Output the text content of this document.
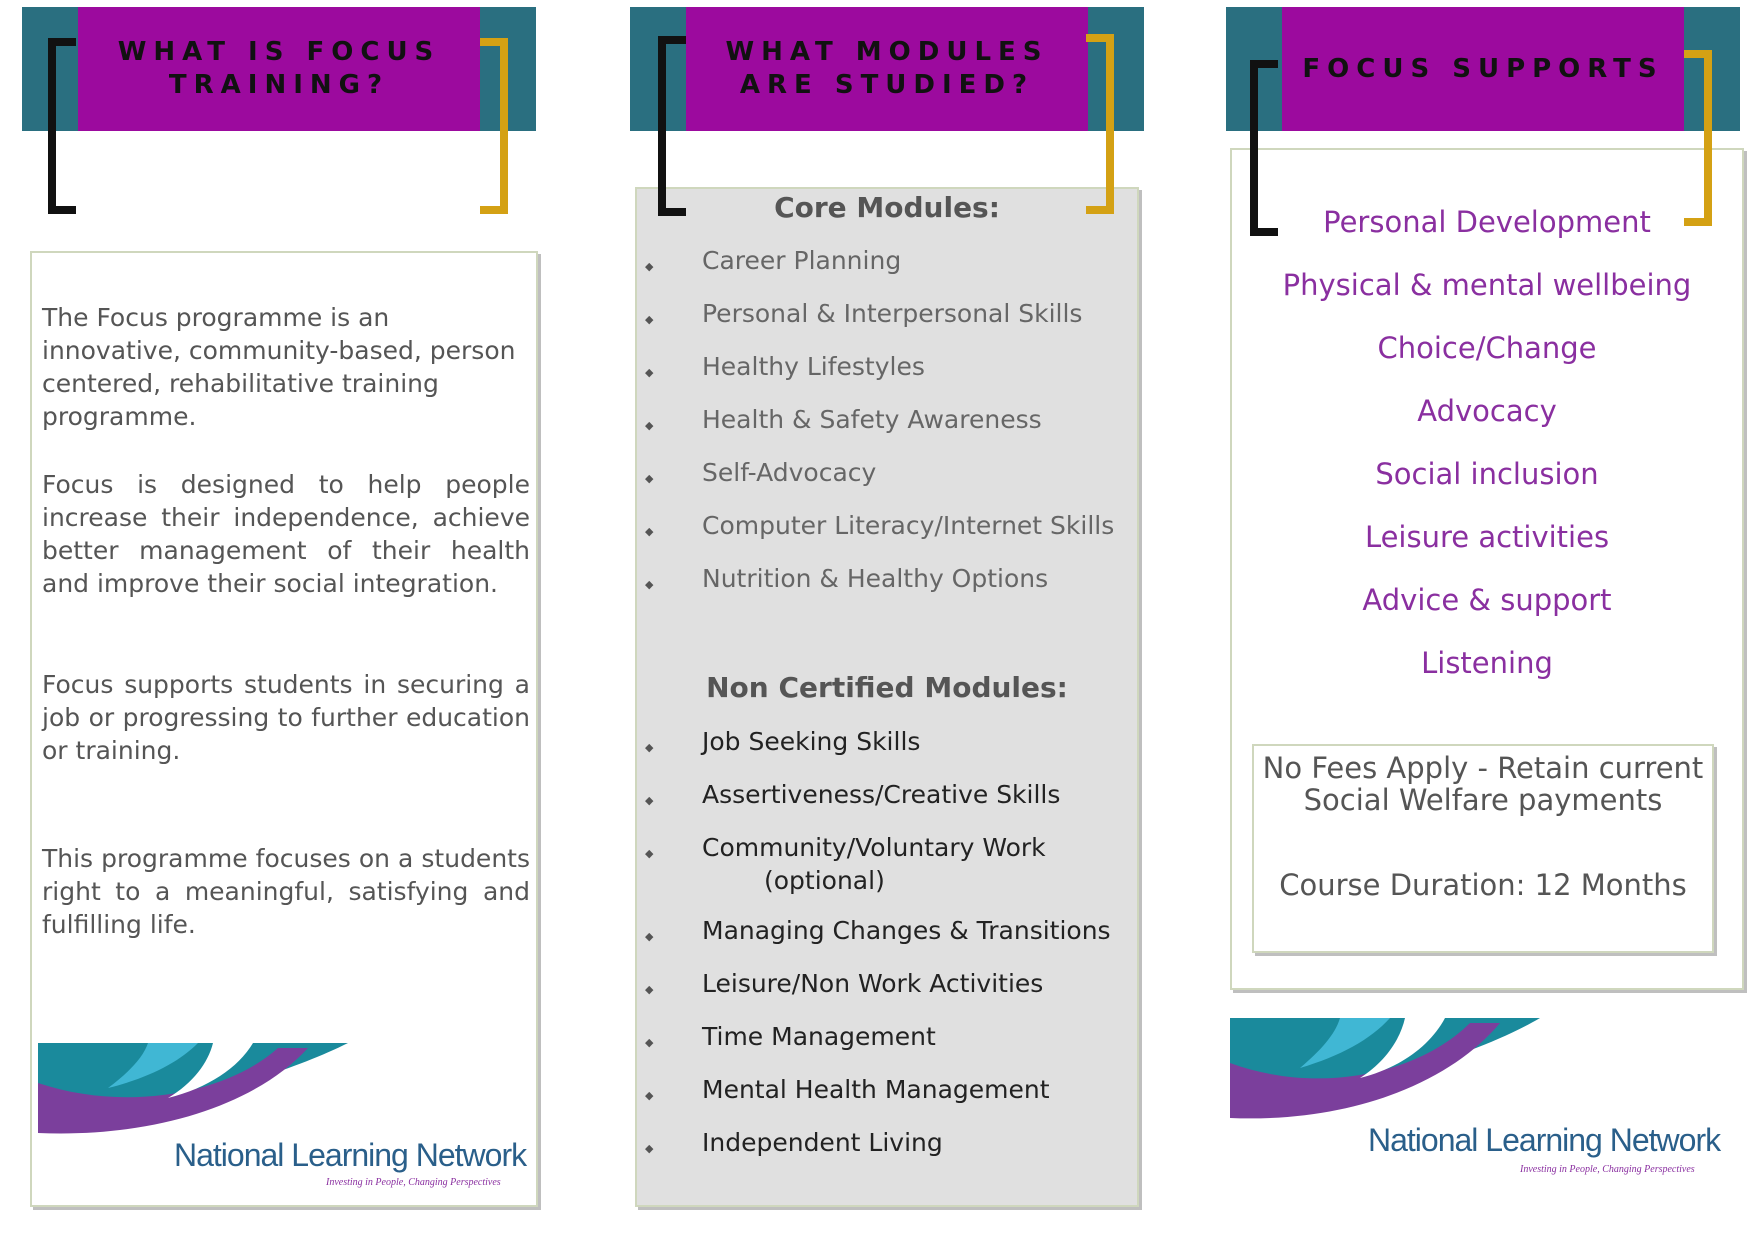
WHAT IS FOCUS
TRAINING?
The Focus programme is an innovative, community-based, person centered, rehabilitative training programme.
Focus is designed to help people increase their independence, achieve better management of their health and improve their social integration.
Focus supports students in securing a job or progressing to further education or training.
This programme focuses on a students right to a meaningful, satisfying and fulfilling life.
National Learning Network
Investing in People, Changing Perspectives
WHAT MODULES
ARE STUDIED?
Core Modules:
◆ Career Planning
◆ Personal & Interpersonal Skills
◆ Healthy Lifestyles
◆ Health & Safety Awareness
◆ Self-Advocacy
◆ Computer Literacy/Internet Skills
◆ Nutrition & Healthy Options
Non Certified Modules:
◆ Job Seeking Skills
◆ Assertiveness/Creative Skills
◆ Community/Voluntary Work
(optional)
◆ Managing Changes & Transitions
◆ Leisure/Non Work Activities
◆ Time Management
◆ Mental Health Management
◆ Independent Living
FOCUS SUPPORTS
Personal Development
Physical & mental wellbeing
Choice/Change
Advocacy
Social inclusion
Leisure activities
Advice & support
Listening
No Fees Apply - Retain current
Social Welfare payments
Course Duration: 12 Months
National Learning Network
Investing in People, Changing Perspectives
